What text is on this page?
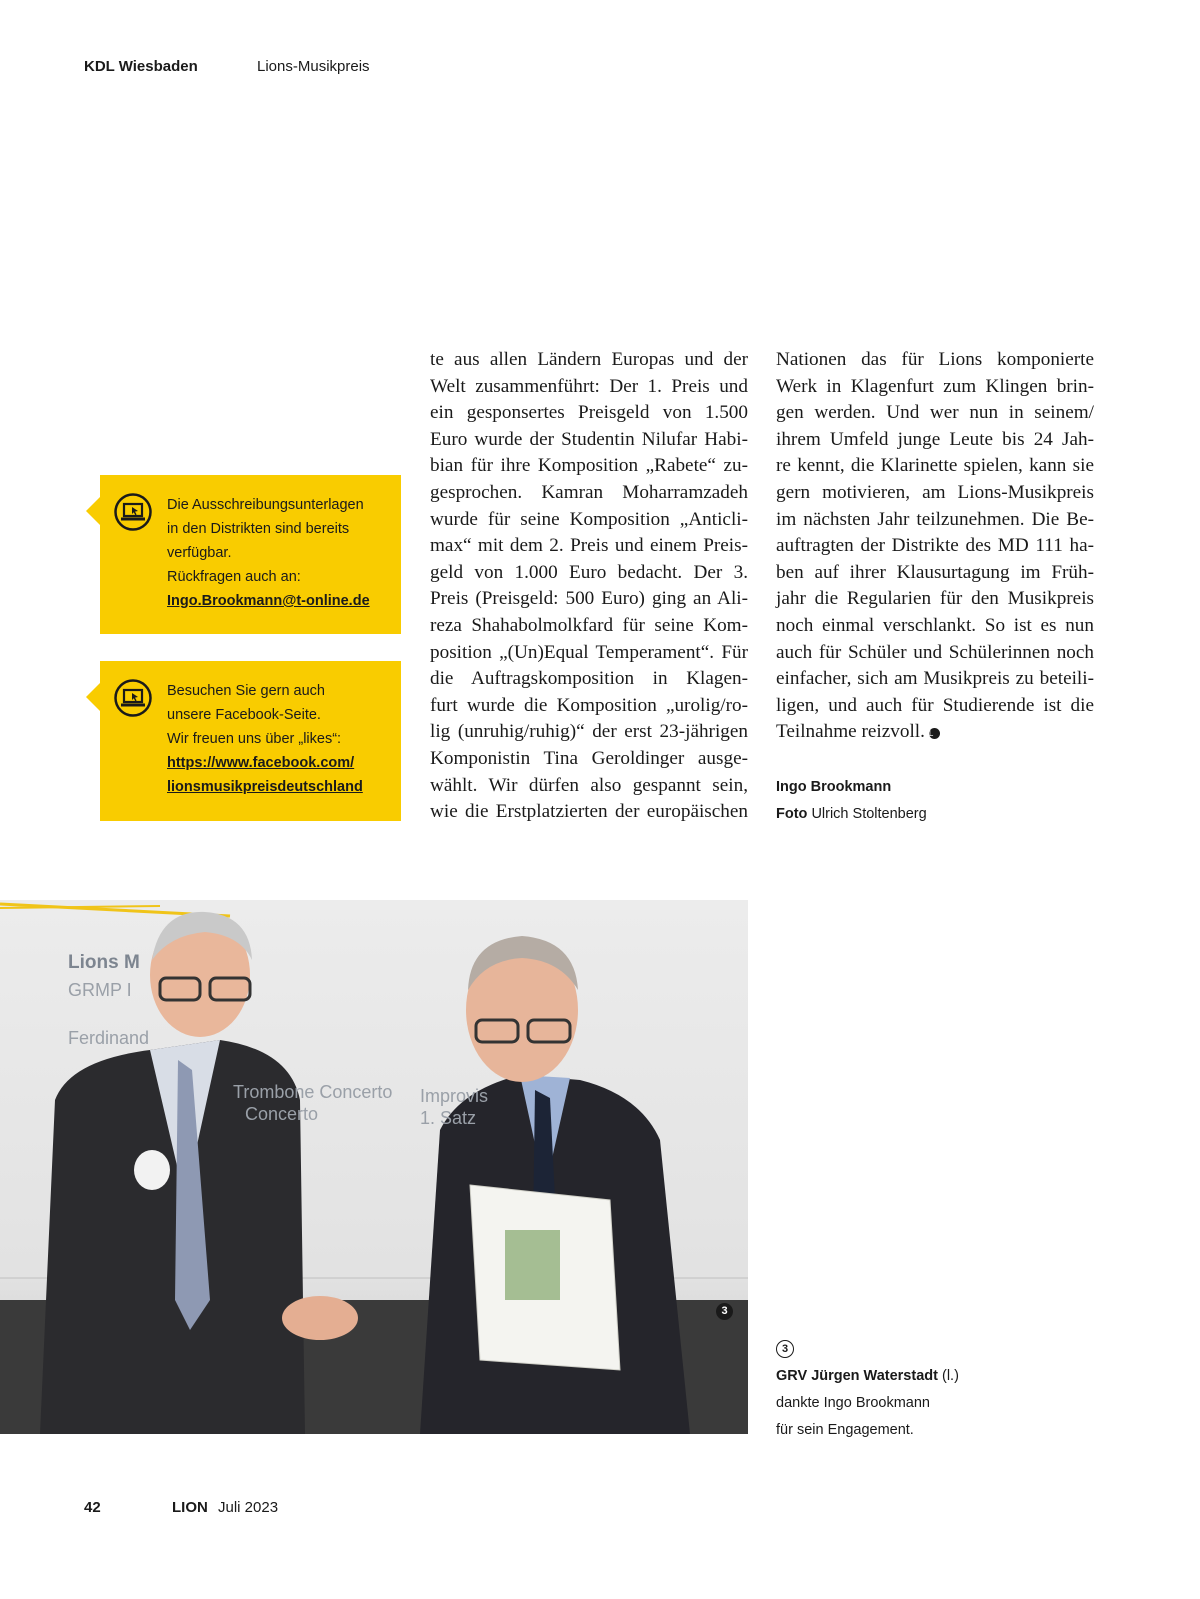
KDL Wiesbaden	Lions-Musikpreis
Die Ausschreibungsunterlagen
in den Distrikten sind bereits
verfügbar.
Rückfragen auch an:
Ingo.Brookmann@t-online.de
Besuchen Sie gern auch
unsere Facebook-Seite.
Wir freuen uns über „likes“:
https://www.facebook.com/
lionsmusikpreisdeutschland
te aus allen Ländern Europas und der
Welt zusammenführt: Der 1. Preis und
ein gesponsertes Preisgeld von 1.500
Euro wurde der Studentin Nilufar Habi-
bian für ihre Komposition „Rabete“ zu-
gesprochen. Kamran Moharramzadeh
wurde für seine Komposition „Anticli-
max“ mit dem 2. Preis und einem Preis-
geld von 1.000 Euro bedacht. Der 3.
Preis (Preisgeld: 500 Euro) ging an Ali-
reza Shahabolmolkfard für seine Kom-
position „(Un)Equal Temperament“. Für
die Auftragskomposition in Klagen-
furt wurde die Komposition „urolig/ro-
lig (unruhig/ruhig)“ der erst 23-jährigen
Komponistin Tina Geroldinger ausge-
wählt. Wir dürfen also gespannt sein,
wie die Erstplatzierten der europäischen
Nationen das für Lions komponierte
Werk in Klagenfurt zum Klingen brin-
gen werden. Und wer nun in seinem/
ihrem Umfeld junge Leute bis 24 Jah-
re kennt, die Klarinette spielen, kann sie
gern motivieren, am Lions-Musikpreis
im nächsten Jahr teilzunehmen. Die Be-
auftragten der Distrikte des MD 111 ha-
ben auf ihrer Klausurtagung im Früh-
jahr die Regularien für den Musikpreis
noch einmal verschlankt. So ist es nun
auch für Schüler und Schülerinnen noch
einfacher, sich am Musikpreis zu beteili-
ligen, und auch für Studierende ist die
Teilnahme reizvoll. L
Ingo Brookmann
Foto Ulrich Stoltenberg
Lions M
GRMP I
Ferdinand
Trombone Concerto
Concerto
Improvis
1. Satz
3
3
GRV Jürgen Waterstadt (l.)
dankte Ingo Brookmann
für sein Engagement.
42	LION Juli 2023
